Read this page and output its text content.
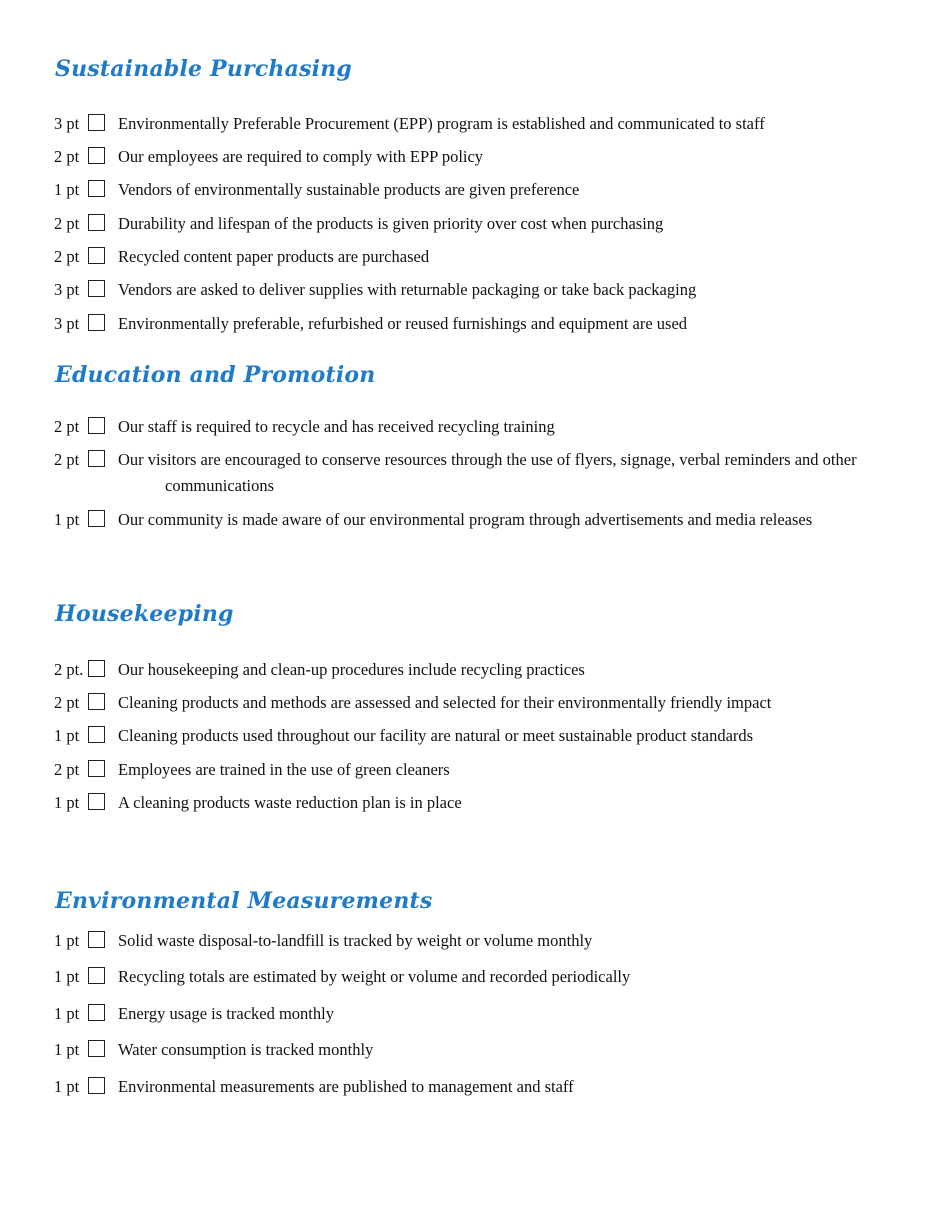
Sustainable Purchasing
3 pt Environmentally Preferable Procurement (EPP) program is established and communicated to staff
2 pt Our employees are required to comply with EPP policy
1 pt Vendors of environmentally sustainable products are given preference
2 pt Durability and lifespan of the products is given priority over cost when purchasing
2 pt Recycled content paper products are purchased
3 pt Vendors are asked to deliver supplies with returnable packaging or take back packaging
3 pt Environmentally preferable, refurbished or reused furnishings and equipment are used
Education and Promotion
2 pt Our staff is required to recycle and has received recycling training
2 pt Our visitors are encouraged to conserve resources through the use of flyers, signage, verbal reminders and other communications
1 pt Our community is made aware of our environmental program through advertisements and media releases
Housekeeping
2 pt. Our housekeeping and clean-up procedures include recycling practices
2 pt Cleaning products and methods are assessed and selected for their environmentally friendly impact
1 pt Cleaning products used throughout our facility are natural or meet sustainable product standards
2 pt Employees are trained in the use of green cleaners
1 pt A cleaning products waste reduction plan is in place
Environmental Measurements
1 pt Solid waste disposal-to-landfill is tracked by weight or volume monthly
1 pt Recycling totals are estimated by weight or volume and recorded periodically
1 pt Energy usage is tracked monthly
1 pt Water consumption is tracked monthly
1 pt Environmental measurements are published to management and staff
